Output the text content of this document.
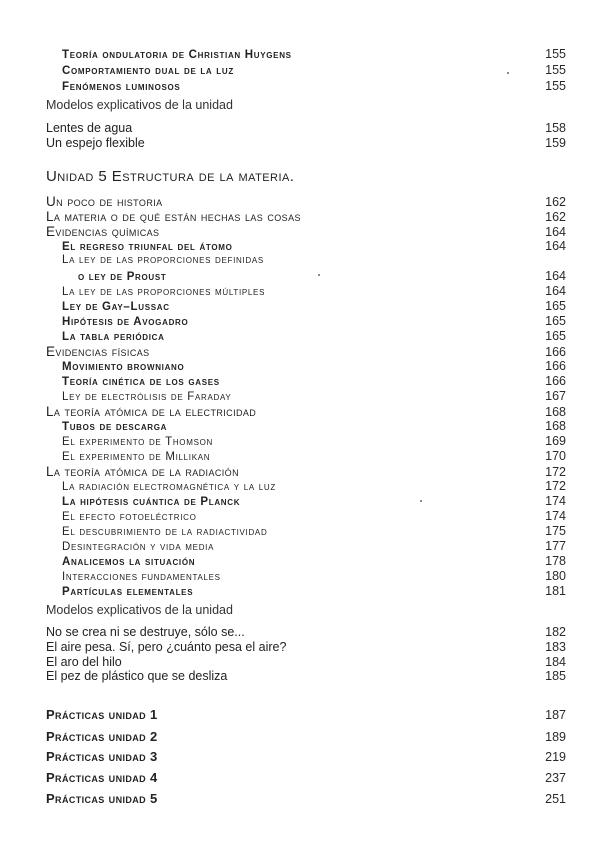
Teoría ondulatoria de Christian Huygens	155
Comportamiento dual de la luz	155
Fenómenos luminosos	155
Modelos explicativos de la unidad
Lentes de agua	158
Un espejo flexible	159
Unidad 5 Estructura de la materia.
Un poco de historia	162
La materia o de qué están hechas las cosas	162
Evidencias químicas	164
El regreso triunfal del átomo	164
La ley de las proporciones definidas
o ley de Proust	164
La ley de las proporciones múltiples	164
Ley de Gay–Lussac	165
Hipótesis de Avogadro	165
La tabla periódica	165
Evidencias físicas	166
Movimiento browniano	166
Teoría cinética de los gases	166
Ley de electrólisis de Faraday	167
La teoría atómica de la electricidad	168
Tubos de descarga	168
El experimento de Thomson	169
El experimento de Millikan	170
La teoría atómica de la radiación	172
La radiación electromagnética y la luz	172
La hipótesis cuántica de Planck	174
El efecto fotoeléctrico	174
El descubrimiento de la radiactividad	175
Desintegración y vida media	177
Analicemos la situación	178
Interacciones fundamentales	180
Partículas elementales	181
Modelos explicativos de la unidad
No se crea ni se destruye, sólo se...	182
El aire pesa. Sí, pero ¿cuánto pesa el aire?	183
El aro del hilo	184
El pez de plástico que se desliza	185
Prácticas unidad 1	187
Prácticas unidad 2	189
Prácticas unidad 3	219
Prácticas unidad 4	237
Prácticas unidad 5	251
